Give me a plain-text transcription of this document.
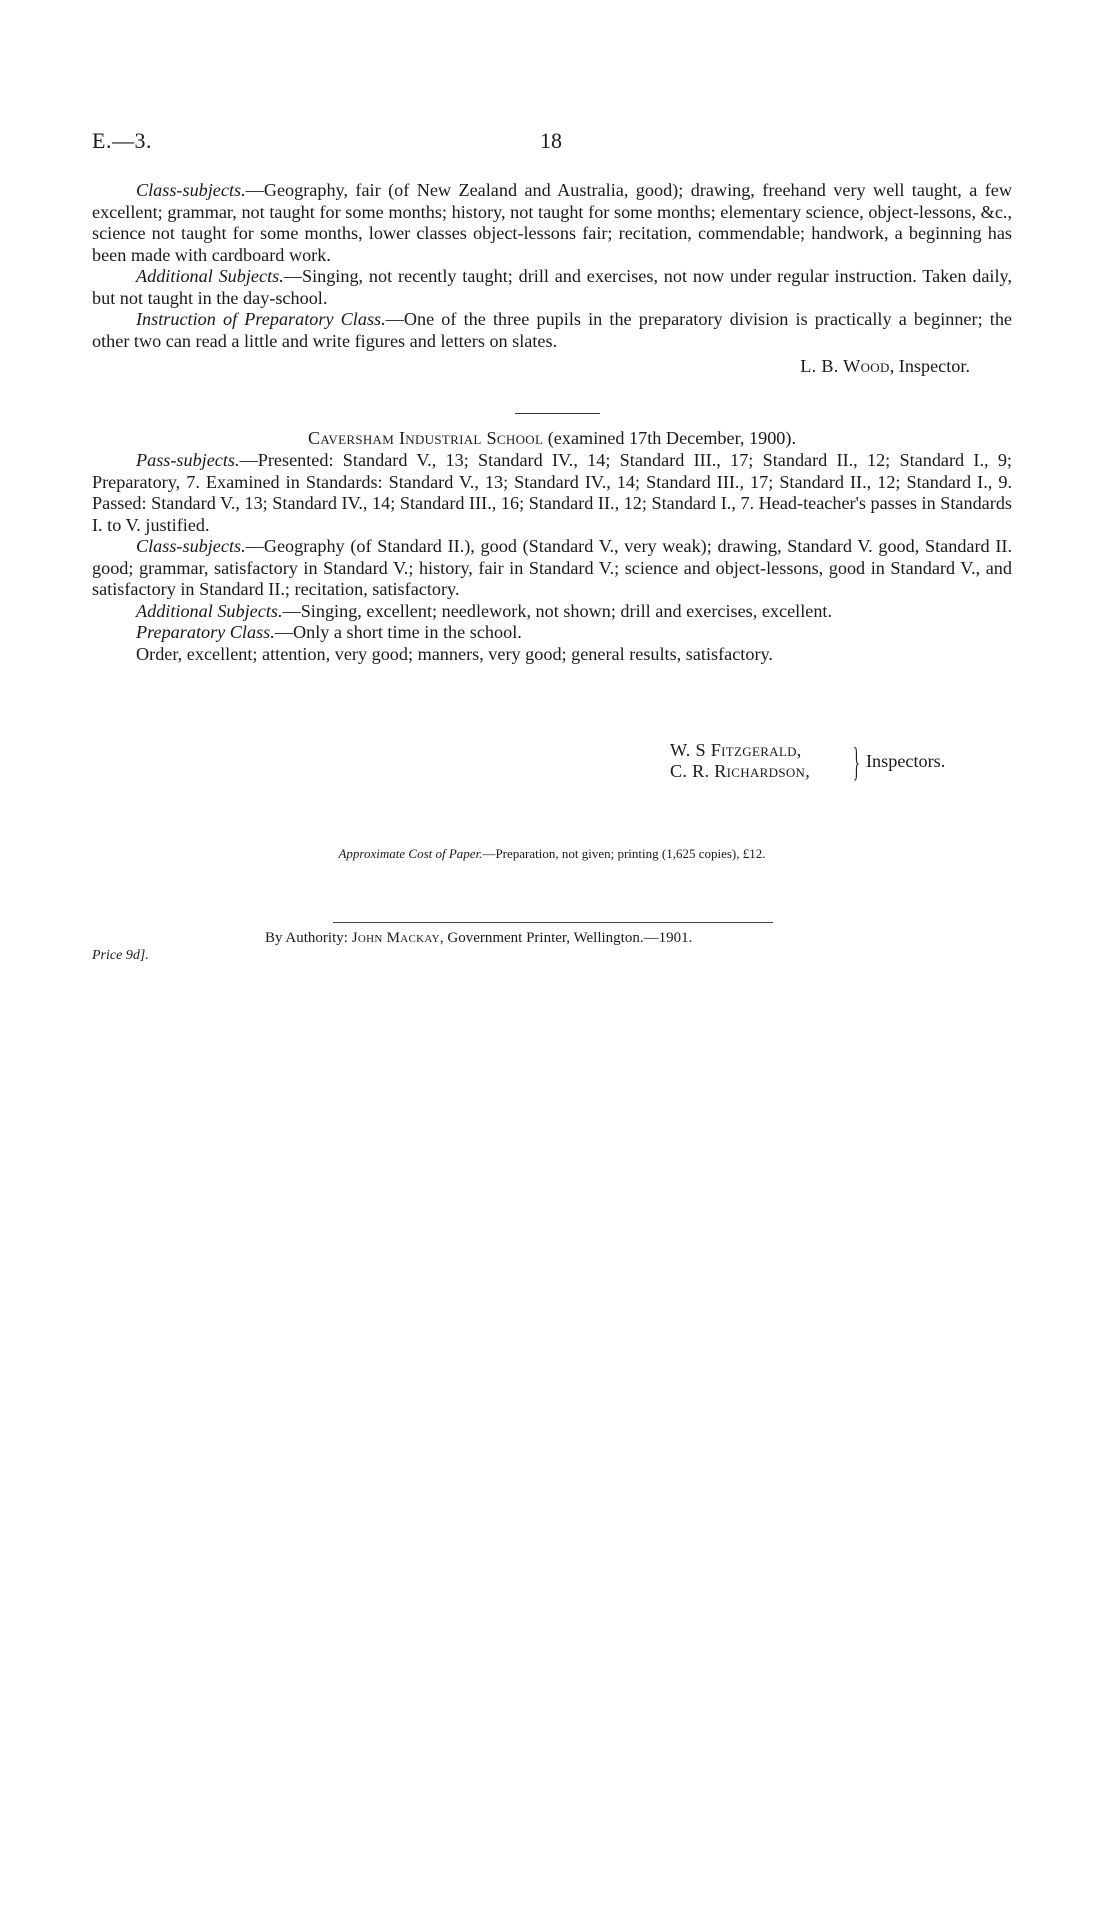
E.—3.	18

Class-subjects.—Geography, fair (of New Zealand and Australia, good); drawing, freehand very well taught, a few excellent; grammar, not taught for some months; history, not taught for some months; elementary science, object-lessons, &c., science not taught for some months, lower classes object-lessons fair; recitation, commendable; handwork, a beginning has been made with cardboard work.

Additional Subjects.—Singing, not recently taught; drill and exercises, not now under regular instruction. Taken daily, but not taught in the day-school.

Instruction of Preparatory Class.—One of the three pupils in the preparatory division is practically a beginner; the other two can read a little and write figures and letters on slates.

L. B. Wood, Inspector.

Caversham Industrial School (examined 17th December, 1900).

Pass-subjects.—Presented: Standard V., 13; Standard IV., 14; Standard III., 17; Standard II., 12; Standard I., 9; Preparatory, 7. Examined in Standards: Standard V., 13; Standard IV., 14; Standard III., 17; Standard II., 12; Standard I., 9. Passed: Standard V., 13; Standard IV., 14; Standard III., 16; Standard II., 12; Standard I., 7. Head-teacher's passes in Standards I. to V. justified.

Class-subjects.—Geography (of Standard II.), good (Standard V., very weak); drawing, Standard V. good, Standard II. good; grammar, satisfactory in Standard V.; history, fair in Standard V.; science and object-lessons, good in Standard V., and satisfactory in Standard II.; recitation, satisfactory.

Additional Subjects.—Singing, excellent; needlework, not shown; drill and exercises, excellent.

Preparatory Class.—Only a short time in the school.

Order, excellent; attention, very good; manners, very good; general results, satisfactory.

W. S Fitzgerald,
C. R. Richardson, } Inspectors.
Approximate Cost of Paper.—Preparation, not given; printing (1,625 copies), £12.
By Authority: John Mackay, Government Printer, Wellington.—1901.
Price 9d].
